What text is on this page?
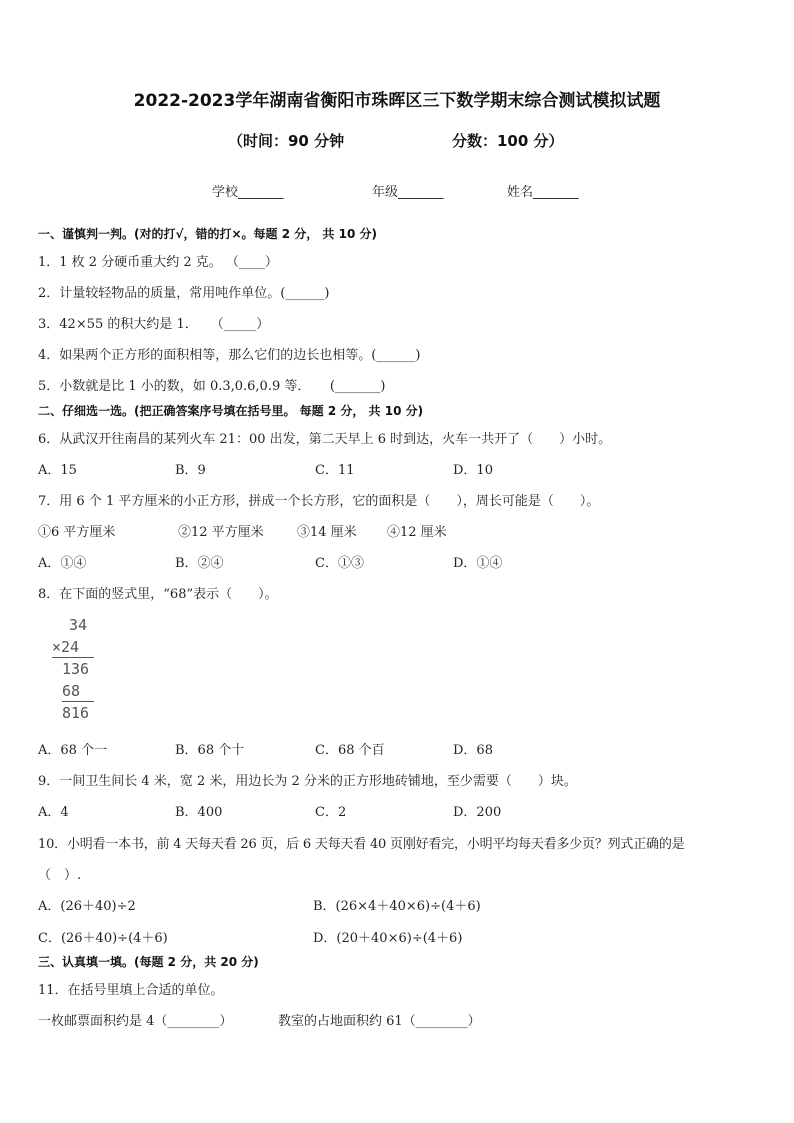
2022-2023学年湖南省衡阳市珠晖区三下数学期末综合测试模拟试题
（时间：90 分钟	分数：100 分）
学校_______	年级_______	姓名_______
一、谨慎判一判。(对的打√，错的打×。每题 2 分， 共 10 分)
1．1 枚 2 分硬币重大约 2 克。 （____）
2．计量较轻物品的质量，常用吨作单位。(______)
3．42×55 的积大约是 1．　　（_____）
4．如果两个正方形的面积相等，那么它们的边长也相等。(______)
5．小数就是比 1 小的数，如 0.3,0.6,0.9 等．　　(_______)
二、仔细选一选。(把正确答案序号填在括号里。 每题 2 分， 共 10 分)
6．从武汉开往南昌的某列火车 21：00 出发，第二天早上 6 时到达，火车一共开了（　　）小时。
A．15	B．9	C．11	D．10
7．用 6 个 1 平方厘米的小正方形，拼成一个长方形，它的面积是（　　），周长可能是（　　）。
①6 平方厘米	②12 平方厘米	③14 厘米 ④12 厘米
A．①④	B．②④	C．①③	D．①④
8．在下面的竖式里，“68”表示（　　）。
34
×24
136
68
816
A．68 个一	B．68 个十	C．68 个百	D．68
9．一间卫生间长 4 米，宽 2 米，用边长为 2 分米的正方形地砖铺地，至少需要（　　）块。
A．4	B．400	C．2	D．200
10．小明看一本书，前 4 天每天看 26 页，后 6 天每天看 40 页刚好看完，小明平均每天看多少页？列式正确的是
（　）.
A．(26＋40)÷2	B．(26×4＋40×6)÷(4＋6)
C．(26＋40)÷(4＋6)	D．(20＋40×6)÷(4＋6)
三、认真填一填。(每题 2 分，共 20 分)
11．在括号里填上合适的单位。
一枚邮票面积约是 4（________）	教室的占地面积约 61（________）
